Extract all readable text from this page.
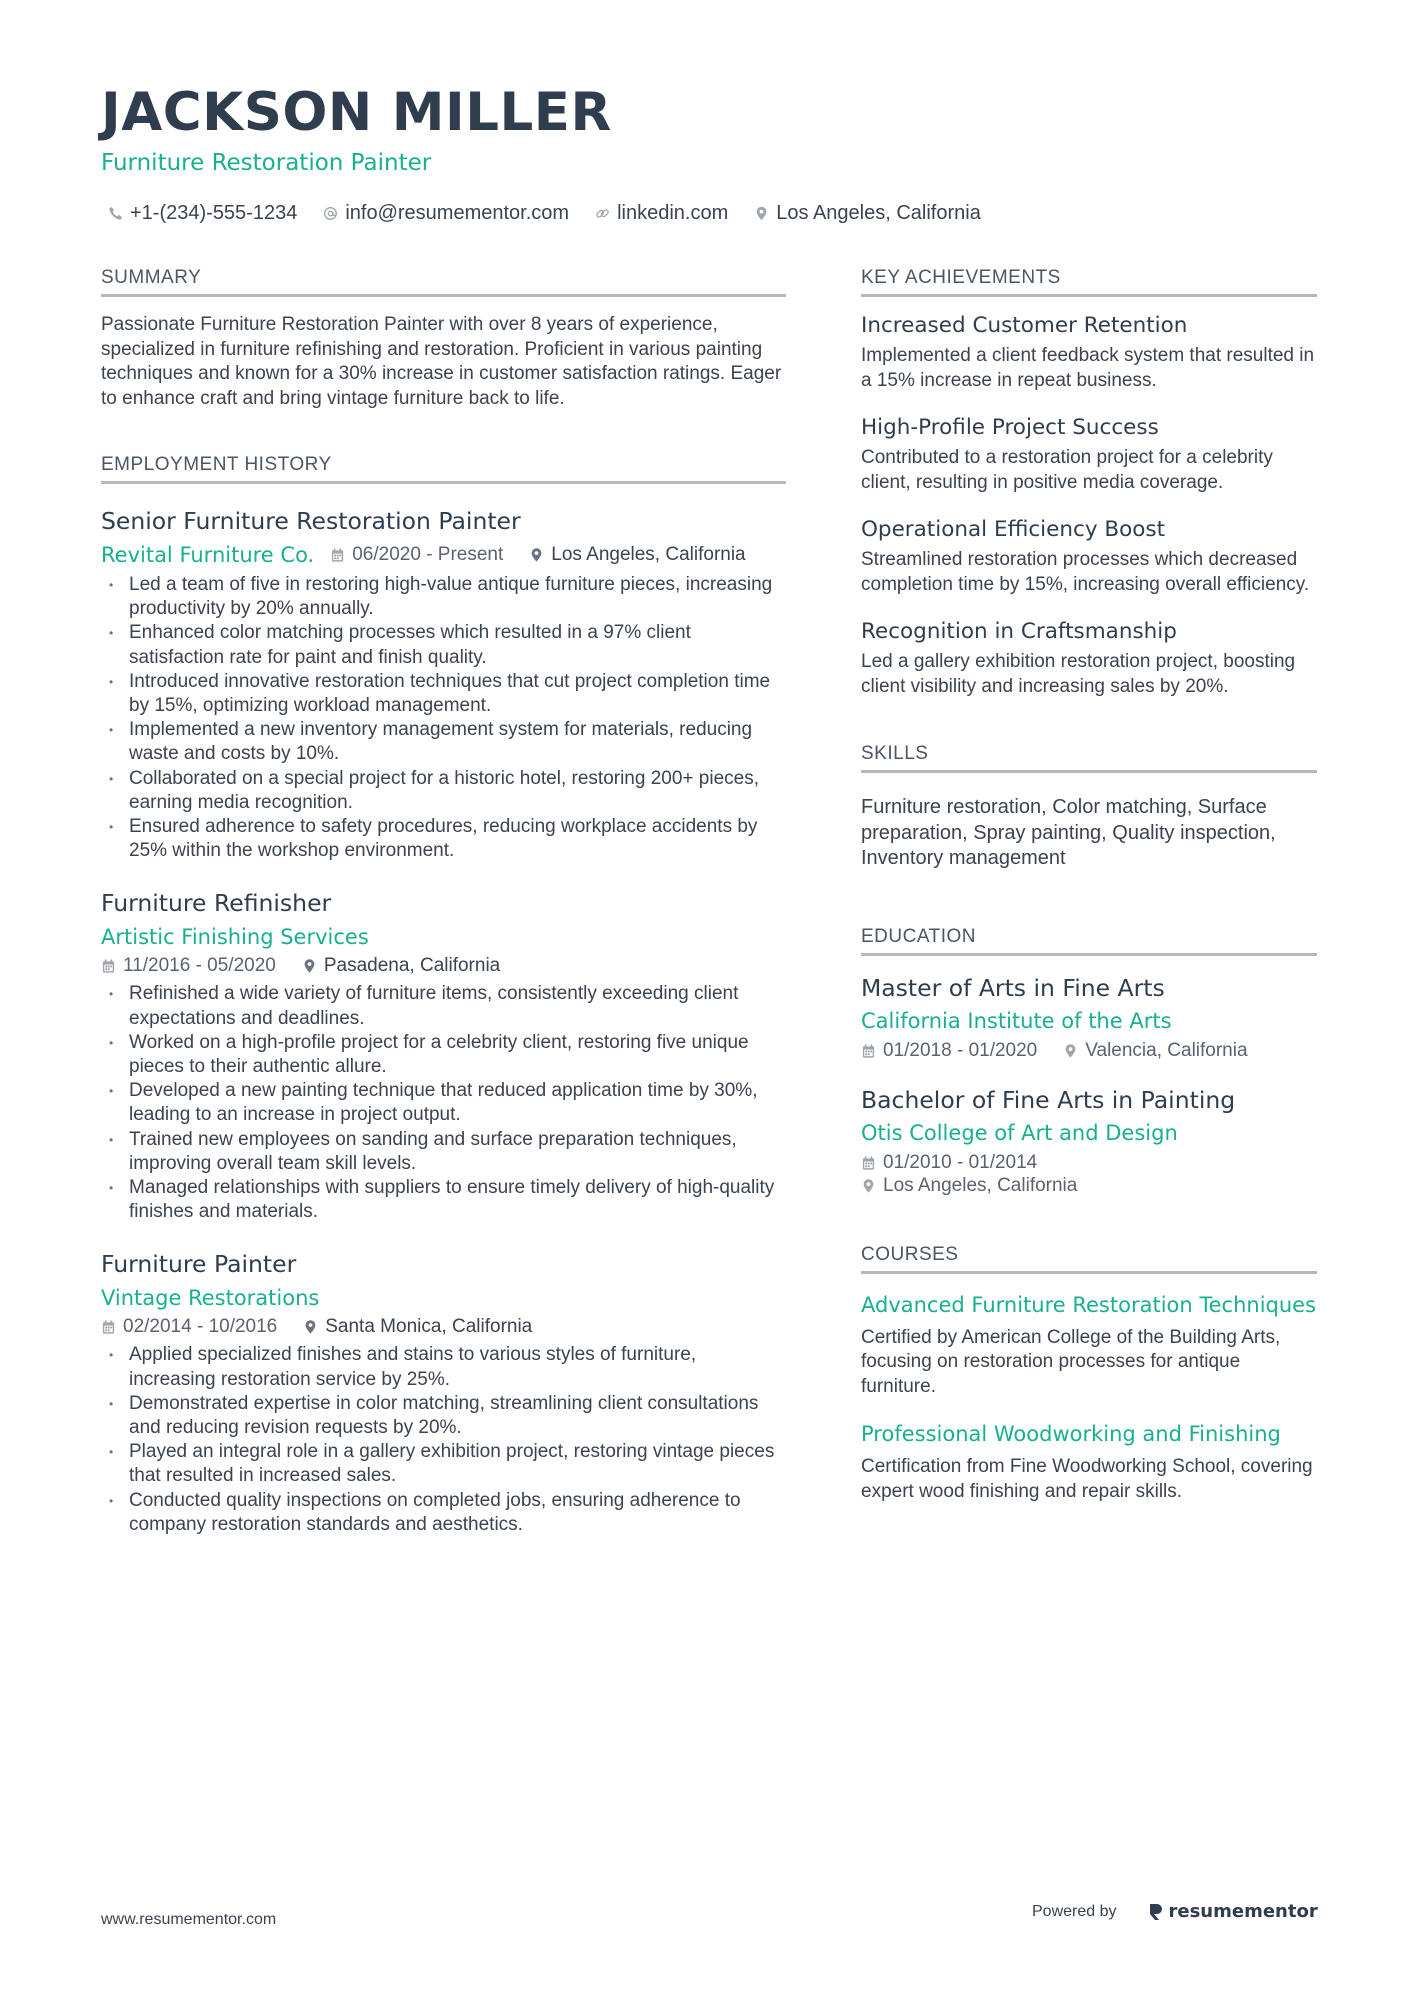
JACKSON MILLER
Furniture Restoration Painter
+1-(234)-555-1234 info@resumementor.com linkedin.com Los Angeles, California
SUMMARY

Passionate Furniture Restoration Painter with over 8 years of experience, specialized in furniture refinishing and restoration. Proficient in various painting techniques and known for a 30% increase in customer satisfaction ratings. Eager to enhance craft and bring vintage furniture back to life.

EMPLOYMENT HISTORY
Senior Furniture Restoration Painter
Revital Furniture Co. 06/2020 - Present	Los Angeles, California
• Led a team of five in restoring high-value antique furniture pieces, increasing productivity by 20% annually.
• Enhanced color matching processes which resulted in a 97% client satisfaction rate for paint and finish quality.
• Introduced innovative restoration techniques that cut project completion time by 15%, optimizing workload management.
• Implemented a new inventory management system for materials, reducing waste and costs by 10%.
• Collaborated on a special project for a historic hotel, restoring 200+ pieces, earning media recognition.
• Ensured adherence to safety procedures, reducing workplace accidents by 25% within the workshop environment.
Furniture Refinisher
Artistic Finishing Services
11/2016 - 05/2020	Pasadena, California
• Refinished a wide variety of furniture items, consistently exceeding client expectations and deadlines.
• Worked on a high-profile project for a celebrity client, restoring five unique pieces to their authentic allure.
• Developed a new painting technique that reduced application time by 30%, leading to an increase in project output.
• Trained new employees on sanding and surface preparation techniques, improving overall team skill levels.
• Managed relationships with suppliers to ensure timely delivery of high-quality finishes and materials.
Furniture Painter
Vintage Restorations
02/2014 - 10/2016	Santa Monica, California
• Applied specialized finishes and stains to various styles of furniture, increasing restoration service by 25%.
• Demonstrated expertise in color matching, streamlining client consultations and reducing revision requests by 20%.
• Played an integral role in a gallery exhibition project, restoring vintage pieces that resulted in increased sales.
• Conducted quality inspections on completed jobs, ensuring adherence to company restoration standards and aesthetics.
KEY ACHIEVEMENTS
Increased Customer Retention

Implemented a client feedback system that resulted in a 15% increase in repeat business.

High-Profile Project Success

Contributed to a restoration project for a celebrity client, resulting in positive media coverage.

Operational Efficiency Boost

Streamlined restoration processes which decreased completion time by 15%, increasing overall efficiency.

Recognition in Craftsmanship

Led a gallery exhibition restoration project, boosting client visibility and increasing sales by 20%.

SKILLS

Furniture restoration, Color matching, Surface preparation, Spray painting, Quality inspection, Inventory management

EDUCATION
Master of Arts in Fine Arts
California Institute of the Arts
01/2018 - 01/2020	Valencia, California
Bachelor of Fine Arts in Painting
Otis College of Art and Design
01/2010 - 01/2014
Los Angeles, California
COURSES
Advanced Furniture Restoration Techniques

Certified by American College of the Building Arts, focusing on restoration processes for antique furniture.

Professional Woodworking and Finishing

Certification from Fine Woodworking School, covering expert wood finishing and repair skills.

www.resumementor.com	Powered by	resumementor
